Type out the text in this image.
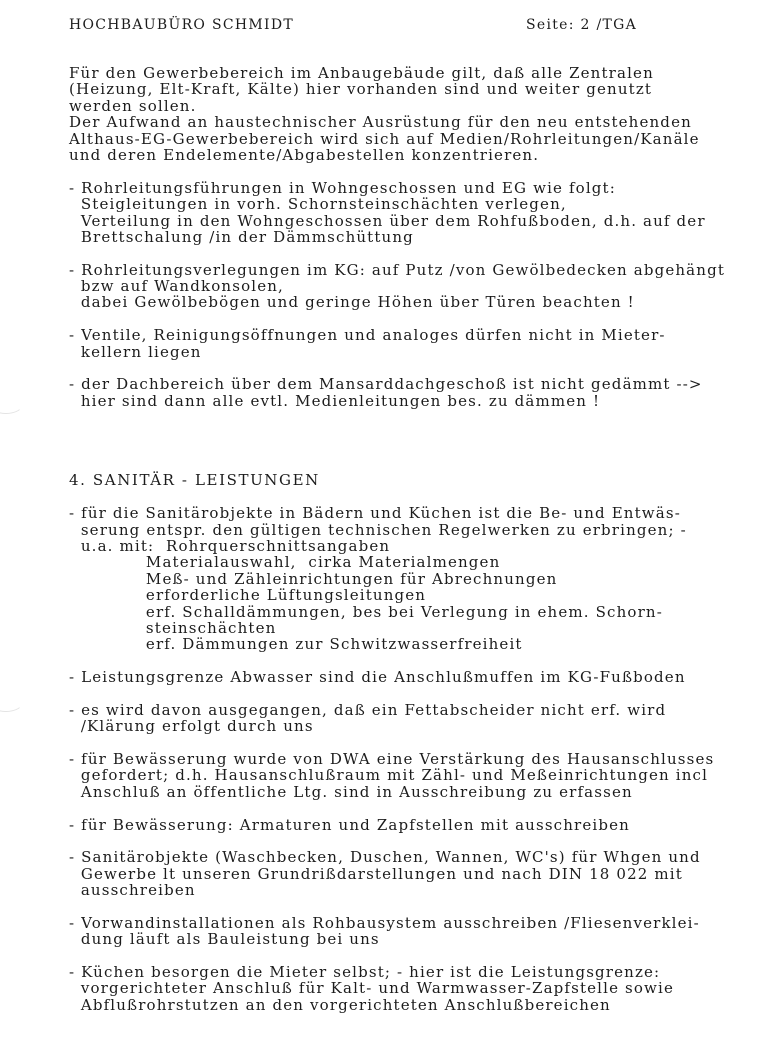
HOCHBAUBÜRO SCHMIDT	Seite: 2 /TGA
Für den Gewerbebereich im Anbaugebäude gilt, daß alle Zentralen
(Heizung, Elt-Kraft, Kälte) hier vorhanden sind und weiter genutzt
werden sollen.
Der Aufwand an haustechnischer Ausrüstung für den neu entstehenden
Althaus-EG-Gewerbebereich wird sich auf Medien/Rohrleitungen/Kanäle
und deren Endelemente/Abgabestellen konzentrieren.
- Rohrleitungsführungen in Wohngeschossen und EG wie folgt:
Steigleitungen in vorh. Schornsteinschächten verlegen,
Verteilung in den Wohngeschossen über dem Rohfußboden, d.h. auf der
Brettschalung /in der Dämmschüttung
- Rohrleitungsverlegungen im KG: auf Putz /von Gewölbedecken abgehängt
bzw auf Wandkonsolen,
dabei Gewölbebögen und geringe Höhen über Türen beachten !
- Ventile, Reinigungsöffnungen und analoges dürfen nicht in Mieter-
kellern liegen
- der Dachbereich über dem Mansarddachgeschoß ist nicht gedämmt -->
hier sind dann alle evtl. Medienleitungen bes. zu dämmen !
4. SANITÄR - LEISTUNGEN
- für die Sanitärobjekte in Bädern und Küchen ist die Be- und Entwäs-
serung entspr. den gültigen technischen Regelwerken zu erbringen; -
u.a. mit:  Rohrquerschnittsangaben
Materialauswahl,  cirka Materialmengen
Meß- und Zähleinrichtungen für Abrechnungen
erforderliche Lüftungsleitungen
erf. Schalldämmungen, bes bei Verlegung in ehem. Schorn-
steinschächten
erf. Dämmungen zur Schwitzwasserfreiheit
- Leistungsgrenze Abwasser sind die Anschlußmuffen im KG-Fußboden
- es wird davon ausgegangen, daß ein Fettabscheider nicht erf. wird
/Klärung erfolgt durch uns
- für Bewässerung wurde von DWA eine Verstärkung des Hausanschlusses
gefordert; d.h. Hausanschlußraum mit Zähl- und Meßeinrichtungen incl
Anschluß an öffentliche Ltg. sind in Ausschreibung zu erfassen
- für Bewässerung: Armaturen und Zapfstellen mit ausschreiben
- Sanitärobjekte (Waschbecken, Duschen, Wannen, WC's) für Whgen und
Gewerbe lt unseren Grundrißdarstellungen und nach DIN 18 022 mit
ausschreiben
- Vorwandinstallationen als Rohbausystem ausschreiben /Fliesenverklei-
dung läuft als Bauleistung bei uns
- Küchen besorgen die Mieter selbst; - hier ist die Leistungsgrenze:
vorgerichteter Anschluß für Kalt- und Warmwasser-Zapfstelle sowie
Abflußrohrstutzen an den vorgerichteten Anschlußbereichen
